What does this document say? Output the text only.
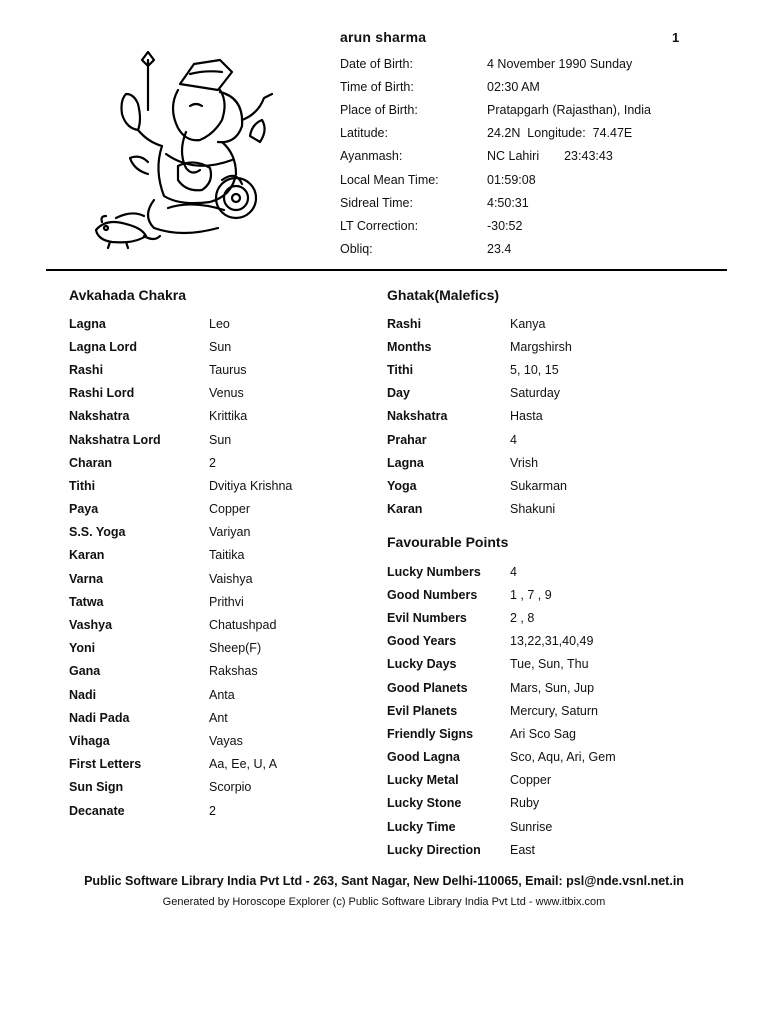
arun sharma	1
Date of Birth:	4 November 1990 Sunday
Time of Birth:	02:30 AM
Place of Birth:	Pratapgarh (Rajasthan), India
Latitude:	24.2N  Longitude:  74.47E
Ayanmash:	NC Lahiri 23:43:43
Local Mean Time:	01:59:08
Sidreal Time:	4:50:31
LT Correction:	-30:52
Obliq:	23.4
Avkahada Chakra
Lagna	Leo
Lagna Lord	Sun
Rashi	Taurus
Rashi Lord	Venus
Nakshatra	Krittika
Nakshatra Lord	Sun
Charan	2
Tithi	Dvitiya Krishna
Paya	Copper
S.S. Yoga	Variyan
Karan	Taitika
Varna	Vaishya
Tatwa	Prithvi
Vashya	Chatushpad
Yoni	Sheep(F)
Gana	Rakshas
Nadi	Anta
Nadi Pada	Ant
Vihaga	Vayas
First Letters	Aa, Ee, U, A
Sun Sign	Scorpio
Decanate	2
Ghatak(Malefics)
Rashi	Kanya
Months	Margshirsh
Tithi	5, 10, 15
Day	Saturday
Nakshatra	Hasta
Prahar	4
Lagna	Vrish
Yoga	Sukarman
Karan	Shakuni
Favourable Points
Lucky Numbers	4
Good Numbers	1 , 7 , 9
Evil Numbers	2 , 8
Good Years	13,22,31,40,49
Lucky Days	Tue, Sun, Thu
Good Planets	Mars, Sun, Jup
Evil Planets	Mercury, Saturn
Friendly Signs	Ari Sco Sag
Good Lagna	Sco, Aqu, Ari, Gem
Lucky Metal	Copper
Lucky Stone	Ruby
Lucky Time	Sunrise
Lucky Direction	East
Public Software Library India Pvt Ltd - 263, Sant Nagar, New Delhi-110065, Email: psl@nde.vsnl.net.in
Generated by Horoscope Explorer (c) Public Software Library India Pvt Ltd - www.itbix.com
